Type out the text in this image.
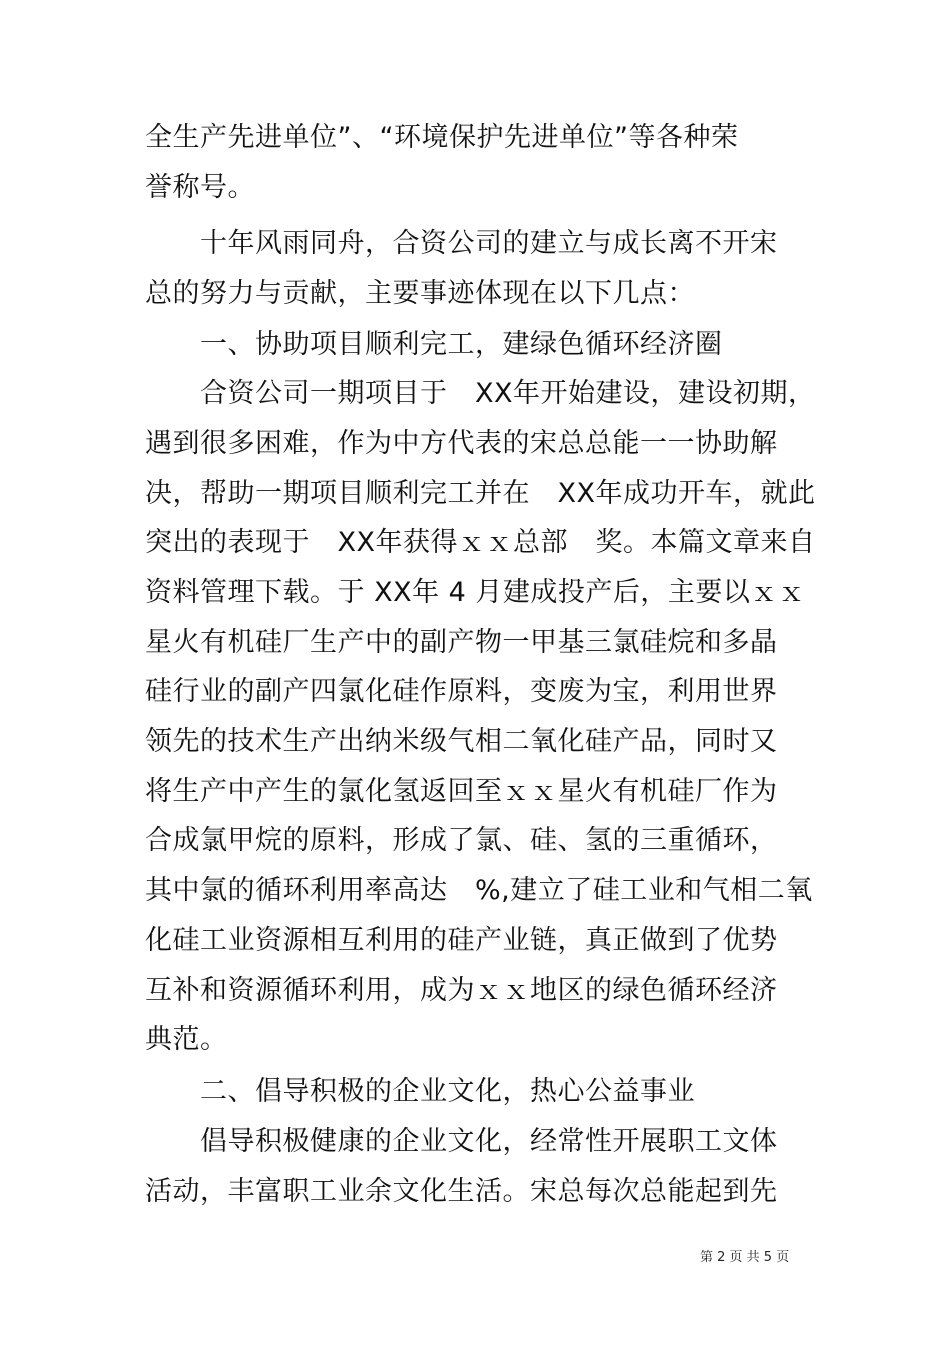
全生产先进单位”、“环境保护先进单位”等各种荣

誉称号。

十年风雨同舟，合资公司的建立与成长离不开宋

总的努力与贡献，主要事迹体现在以下几点：

一、协助项目顺利完工，建绿色循环经济圈

合资公司一期项目于　XX年开始建设，建设初期，

遇到很多困难，作为中方代表的宋总总能一一协助解

决，帮助一期项目顺利完工并在　XX年成功开车，就此

突出的表现于　XX年获得ｘｘ总部　奖。本篇文章来自

资料管理下载。于 XX年 4 月建成投产后，主要以ｘｘ

星火有机硅厂生产中的副产物一甲基三氯硅烷和多晶

硅行业的副产四氯化硅作原料，变废为宝，利用世界

领先的技术生产出纳米级气相二氧化硅产品，同时又

将生产中产生的氯化氢返回至ｘｘ星火有机硅厂作为

合成氯甲烷的原料，形成了氯、硅、氢的三重循环，

其中氯的循环利用率高达　%,建立了硅工业和气相二氧

化硅工业资源相互利用的硅产业链，真正做到了优势

互补和资源循环利用，成为ｘｘ地区的绿色循环经济

典范。

二、倡导积极的企业文化，热心公益事业

倡导积极健康的企业文化，经常性开展职工文体

活动，丰富职工业余文化生活。宋总每次总能起到先

第 2 页 共 5 页
